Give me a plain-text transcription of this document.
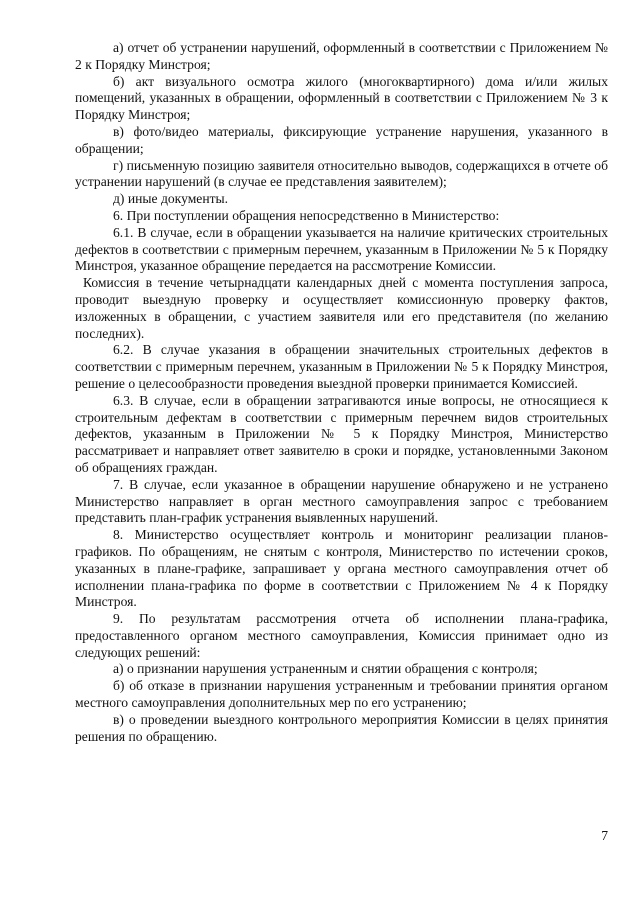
а) отчет об устранении нарушений, оформленный в соответствии с Приложением № 2 к Порядку Минстроя;

б) акт визуального осмотра жилого (многоквартирного) дома и/или жилых помещений, указанных в обращении, оформленный в соответствии с Приложением № 3 к Порядку Минстроя;

в) фото/видео материалы, фиксирующие устранение нарушения, указанного в обращении;

г) письменную позицию заявителя относительно выводов, содержащихся в отчете об устранении нарушений (в случае ее представления заявителем);

д) иные документы.

6. При поступлении обращения непосредственно в Министерство:

6.1. В случае, если в обращении указывается на наличие критических строительных дефектов в соответствии с примерным перечнем, указанным в Приложении № 5 к Порядку Минстроя, указанное обращение передается на рассмотрение Комиссии.

Комиссия в течение четырнадцати календарных дней с момента поступления запроса, проводит выездную проверку и осуществляет комиссионную проверку фактов, изложенных в обращении, с участием заявителя или его представителя (по желанию последних).

6.2. В случае указания в обращении значительных строительных дефектов в соответствии с примерным перечнем, указанным в Приложении № 5 к Порядку Минстроя, решение о целесообразности проведения выездной проверки принимается Комиссией.

6.3. В случае, если в обращении затрагиваются иные вопросы, не относящиеся к строительным дефектам в соответствии с примерным перечнем видов строительных дефектов, указанным в Приложении № 5 к Порядку Минстроя, Министерство рассматривает и направляет ответ заявителю в сроки и порядке, установленными Законом об обращениях граждан.

7. В случае, если указанное в обращении нарушение обнаружено и не устранено Министерство направляет в орган местного самоуправления запрос с требованием представить план-график устранения выявленных нарушений.

8. Министерство осуществляет контроль и мониторинг реализации планов-графиков. По обращениям, не снятым с контроля, Министерство по истечении сроков, указанных в плане-графике, запрашивает у органа местного самоуправления отчет об исполнении плана-графика по форме в соответствии с Приложением № 4 к Порядку Минстроя.

9. По результатам рассмотрения отчета об исполнении плана-графика, предоставленного органом местного самоуправления, Комиссия принимает одно из следующих решений:

а) о признании нарушения устраненным и снятии обращения с контроля;

б) об отказе в признании нарушения устраненным и требовании принятия органом местного самоуправления дополнительных мер по его устранению;

в) о проведении выездного контрольного мероприятия Комиссии в целях принятия решения по обращению.

7
